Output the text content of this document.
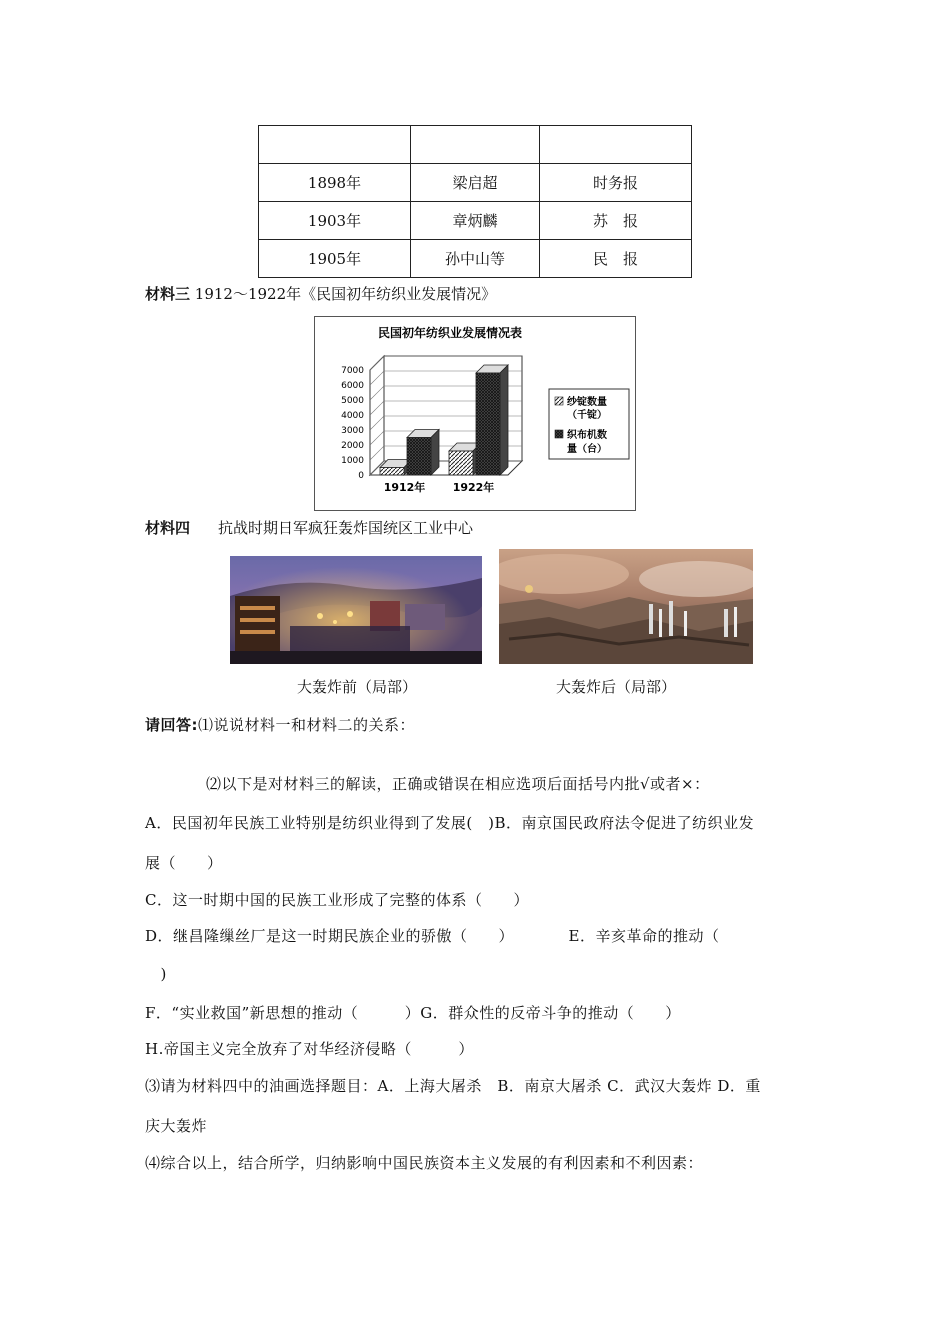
1898年	梁启超	时务报
1903年	章炳麟	苏　报
1905年	孙中山等	民　报
材料三 1912～1922年《民国初年纺织业发展情况》
民国初年纺织业发展情况表
0
1000
2000
3000
4000
5000
6000
7000
1912年 1922年
纱锭数量
（千锭）
织布机数
量（台）
材料四 抗战时期日军疯狂轰炸国统区工业中心
大轰炸前（局部）	大轰炸后（局部）
请回答:⑴说说材料一和材料二的关系：
⑵以下是对材料三的解读，正确或错误在相应选项后面括号内批√或者×：
A．民国初年民族工业特别是纺织业得到了发展(　)B．南京国民政府法令促进了纺织业发
展（　　）
C．这一时期中国的民族工业形成了完整的体系（　　）
D．继昌隆缫丝厂是这一时期民族企业的骄傲（　　）　　　　E．辛亥革命的推动（
　)
F．“实业救国”新思想的推动（　　　）G．群众性的反帝斗争的推动（　　）
H.帝国主义完全放弃了对华经济侵略（　　　）
⑶请为材料四中的油画选择题目：A．上海大屠杀　B．南京大屠杀 C．武汉大轰炸 D．重
庆大轰炸
⑷综合以上，结合所学，归纳影响中国民族资本主义发展的有利因素和不利因素：
